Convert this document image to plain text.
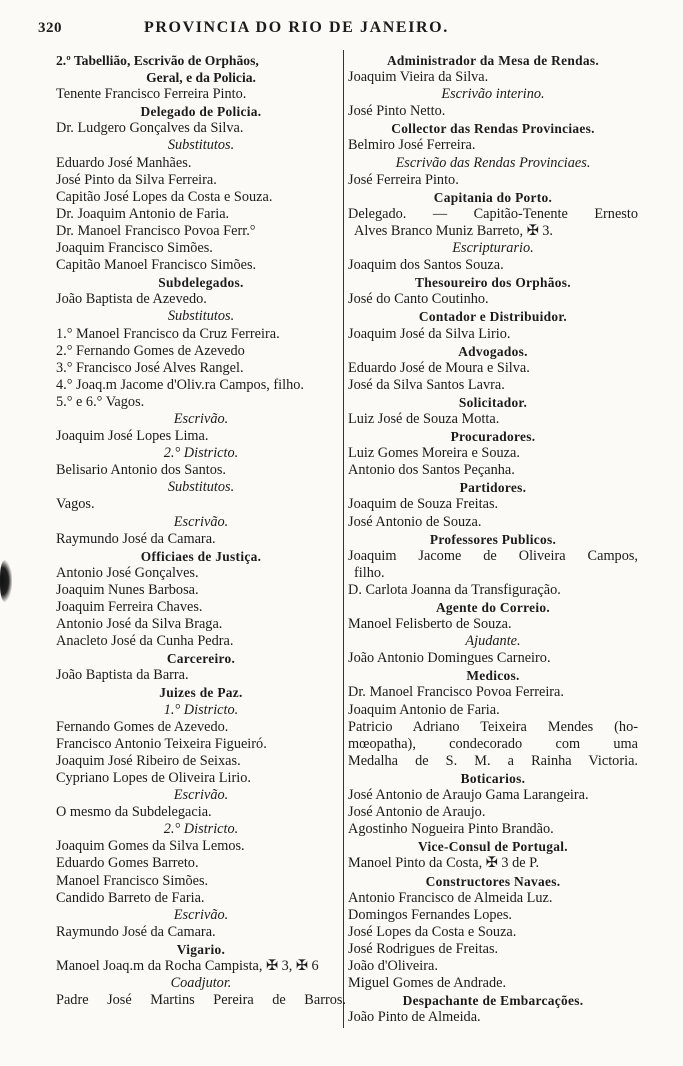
320	PROVINCIA DO RIO DE JANEIRO.
2.º Tabellião, Escrivão de Orphãos,
Geral, e da Policia.
Tenente Francisco Ferreira Pinto.
Delegado de Policia.
Dr. Ludgero Gonçalves da Silva.
Substitutos.
Eduardo José Manhães.
José Pinto da Silva Ferreira.
Capitão José Lopes da Costa e Souza.
Dr. Joaquim Antonio de Faria.
Dr. Manoel Francisco Povoa Ferr.°
Joaquim Francisco Simões.
Capitão Manoel Francisco Simões.
Subdelegados.
João Baptista de Azevedo.
Substitutos.
1.° Manoel Francisco da Cruz Ferreira.
2.° Fernando Gomes de Azevedo
3.° Francisco José Alves Rangel.
4.° Joaq.m Jacome d'Oliv.ra Campos, filho.
5.° e 6.° Vagos.
Escrivão.
Joaquim José Lopes Lima.
2.° Districto.
Belisario Antonio dos Santos.
Substitutos.
Vagos.
Escrivão.
Raymundo José da Camara.
Officiaes de Justiça.
Antonio José Gonçalves.
Joaquim Nunes Barbosa.
Joaquim Ferreira Chaves.
Antonio José da Silva Braga.
Anacleto José da Cunha Pedra.
Carcereiro.
João Baptista da Barra.
Juizes de Paz.
1.° Districto.
Fernando Gomes de Azevedo.
Francisco Antonio Teixeira Figueiró.
Joaquim José Ribeiro de Seixas.
Cypriano Lopes de Oliveira Lirio.
Escrivão.
O mesmo da Subdelegacia.
2.° Districto.
Joaquim Gomes da Silva Lemos.
Eduardo Gomes Barreto.
Manoel Francisco Simões.
Candido Barreto de Faria.
Escrivão.
Raymundo José da Camara.
Vigario.
Manoel Joaq.m da Rocha Campista, ✠ 3, ✠ 6
Coadjutor.
Padre José Martins Pereira de Barros.
Administrador da Mesa de Rendas.
Joaquim Vieira da Silva.
Escrivão interino.
José Pinto Netto.
Collector das Rendas Provinciaes.
Belmiro José Ferreira.
Escrivão das Rendas Provinciaes.
José Ferreira Pinto.
Capitania do Porto.
Delegado. — Capitão-Tenente Ernesto
Alves Branco Muniz Barreto, ✠ 3.
Escripturario.
Joaquim dos Santos Souza.
Thesoureiro dos Orphãos.
José do Canto Coutinho.
Contador e Distribuidor.
Joaquim José da Silva Lirio.
Advogados.
Eduardo José de Moura e Silva.
José da Silva Santos Lavra.
Solicitador.
Luiz José de Souza Motta.
Procuradores.
Luiz Gomes Moreira e Souza.
Antonio dos Santos Peçanha.
Partidores.
Joaquim de Souza Freitas.
José Antonio de Souza.
Professores Publicos.
Joaquim Jacome de Oliveira Campos,
filho.
D. Carlota Joanna da Transfiguração.
Agente do Correio.
Manoel Felisberto de Souza.
Ajudante.
João Antonio Domingues Carneiro.
Medicos.
Dr. Manoel Francisco Povoa Ferreira.
Joaquim Antonio de Faria.
Patricio Adriano Teixeira Mendes (ho-
mœopatha), condecorado com uma
Medalha de S. M. a Rainha Victoria.
Boticarios.
José Antonio de Araujo Gama Larangeira.
José Antonio de Araujo.
Agostinho Nogueira Pinto Brandão.
Vice-Consul de Portugal.
Manoel Pinto da Costa, ✠ 3 de P.
Constructores Navaes.
Antonio Francisco de Almeida Luz.
Domingos Fernandes Lopes.
José Lopes da Costa e Souza.
José Rodrigues de Freitas.
João d'Oliveira.
Miguel Gomes de Andrade.
Despachante de Embarcações.
João Pinto de Almeida.
